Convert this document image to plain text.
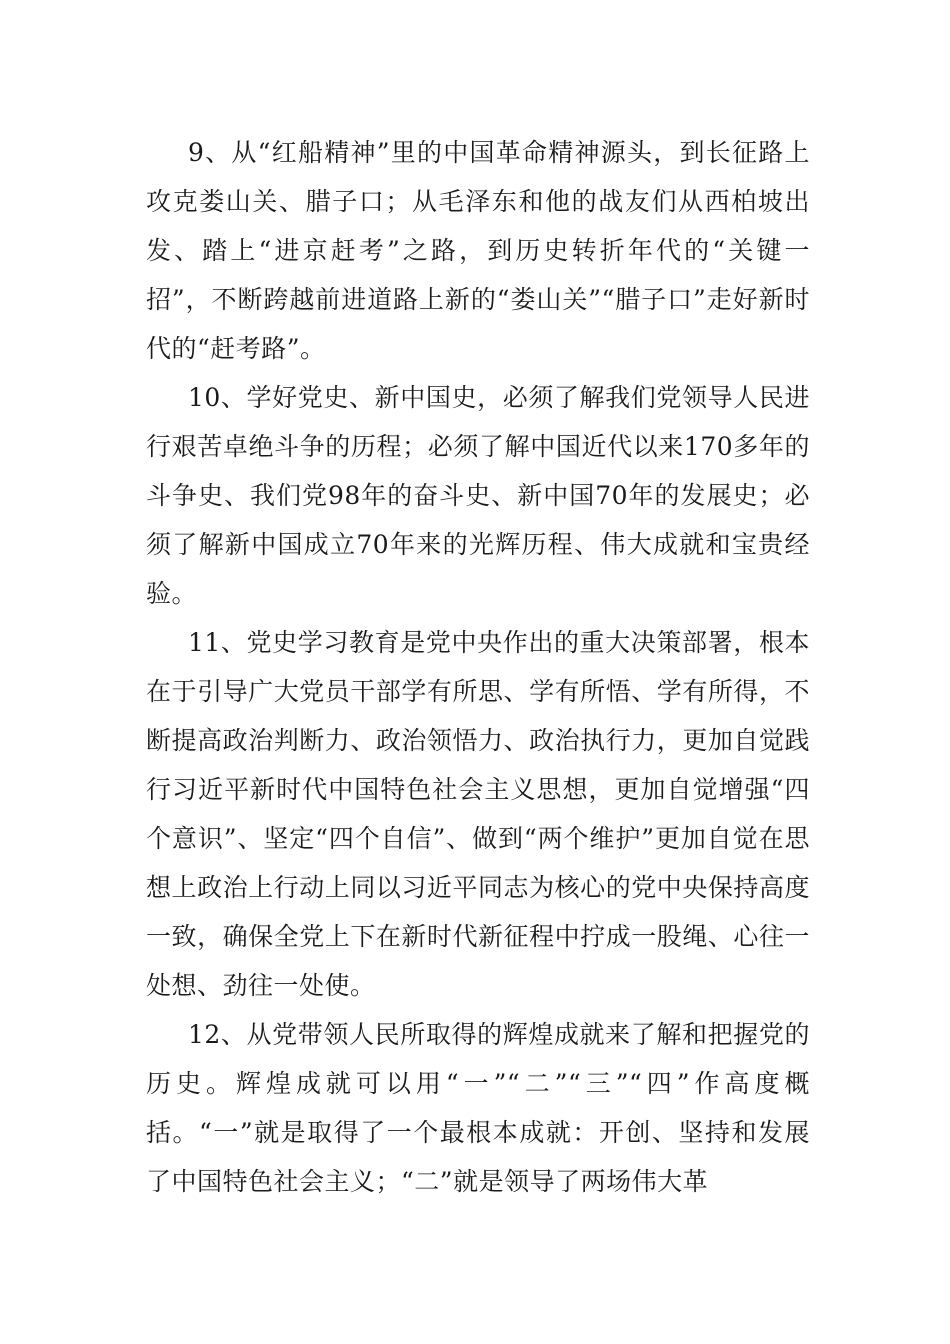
9、从“红船精神”里的中国革命精神源头，到长征路上攻克娄山关、腊子口；从毛泽东和他的战友们从西柏坡出发、踏上“进京赶考”之路，到历史转折年代的“关键一招”，不断跨越前进道路上新的“娄山关”“腊子口”走好新时代的“赶考路”。

10、学好党史、新中国史，必须了解我们党领导人民进行艰苦卓绝斗争的历程；必须了解中国近代以来170多年的斗争史、我们党98年的奋斗史、新中国70年的发展史；必须了解新中国成立70年来的光辉历程、伟大成就和宝贵经验。

11、党史学习教育是党中央作出的重大决策部署，根本在于引导广大党员干部学有所思、学有所悟、学有所得，不断提高政治判断力、政治领悟力、政治执行力，更加自觉践行习近平新时代中国特色社会主义思想，更加自觉增强“四个意识”、坚定“四个自信”、做到“两个维护”更加自觉在思想上政治上行动上同以习近平同志为核心的党中央保持高度一致，确保全党上下在新时代新征程中拧成一股绳、心往一处想、劲往一处使。

12、从党带领人民所取得的辉煌成就来了解和把握党的历史。辉煌成就可以用“一”“二”“三”“四”作高度概括。“一”就是取得了一个最根本成就：开创、坚持和发展了中国特色社会主义；“二”就是领导了两场伟大革
